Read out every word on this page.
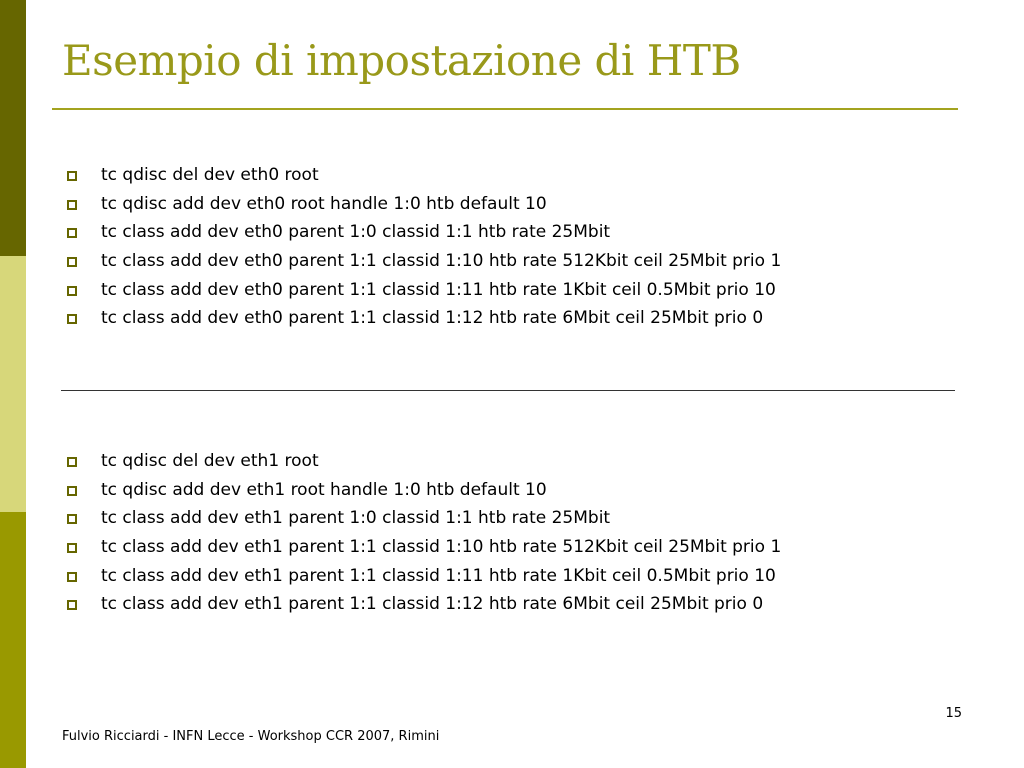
Esempio di impostazione di HTB
tc qdisc del dev eth0 root
tc qdisc add dev eth0 root handle 1:0 htb default 10
tc class add dev eth0 parent 1:0 classid 1:1 htb rate 25Mbit
tc class add dev eth0 parent 1:1 classid 1:10 htb rate 512Kbit ceil 25Mbit prio 1
tc class add dev eth0 parent 1:1 classid 1:11 htb rate 1Kbit ceil 0.5Mbit prio 10
tc class add dev eth0 parent 1:1 classid 1:12 htb rate 6Mbit ceil 25Mbit prio 0
tc qdisc del dev eth1 root
tc qdisc add dev eth1 root handle 1:0 htb default 10
tc class add dev eth1 parent 1:0 classid 1:1 htb rate 25Mbit
tc class add dev eth1 parent 1:1 classid 1:10 htb rate 512Kbit ceil 25Mbit prio 1
tc class add dev eth1 parent 1:1 classid 1:11 htb rate 1Kbit ceil 0.5Mbit prio 10
tc class add dev eth1 parent 1:1 classid 1:12 htb rate 6Mbit ceil 25Mbit prio 0
15
Fulvio Ricciardi - INFN Lecce - Workshop CCR 2007, Rimini
